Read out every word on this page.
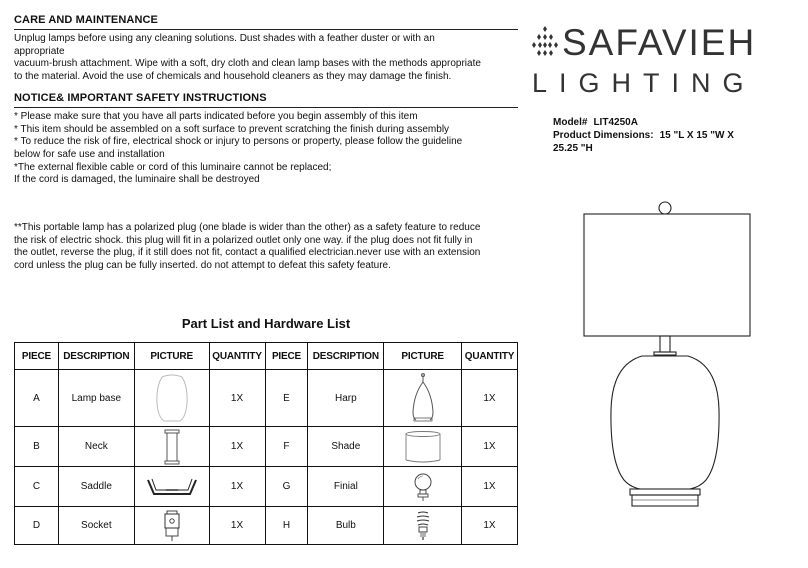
CARE AND MAINTENANCE
Unplug lamps before using any cleaning solutions. Dust shades with a feather duster or with an
appropriate
vacuum-brush attachment. Wipe with a soft, dry cloth and clean lamp bases with the methods appropriate
to the material. Avoid the use of chemicals and household cleaners as they may damage the finish.
NOTICE& IMPORTANT SAFETY INSTRUCTIONS
* Please make sure that you have all parts indicated before you begin assembly of this item
* This item should be assembled on a soft surface to prevent scratching the finish during assembly
* To reduce the risk of fire, electrical shock or injury to persons or property, please follow the guideline
below for safe use and installation
*The external flexible cable or cord of this luminaire cannot be replaced;
If the cord is damaged, the luminaire shall be destroyed
**This portable lamp has a polarized plug (one blade is wider than the other) as a safety feature to reduce
the risk of electric shock. this plug will fit in a polarized outlet only one way. if the plug does not fit fully in
the outlet, reverse the plug, if it still does not fit, contact a qualified electrician.never use with an extension
cord unless the plug can be fully inserted. do not attempt to defeat this safety feature.
Part List and Hardware List
PIECE	DESCRIPTION	PICTURE	QUANTITY	PIECE	DESCRIPTION	PICTURE	QUANTITY
A	Lamp base		1X	E	Harp		1X
B	Neck		1X	F	Shade		1X
C	Saddle		1X	G	Finial		1X
D	Socket		1X	H	Bulb		1X
SAFAVIEH
LIGHTING
Model# LIT4250A
Product Dimensions: 15 "L X 15 "W X
25.25 "H
